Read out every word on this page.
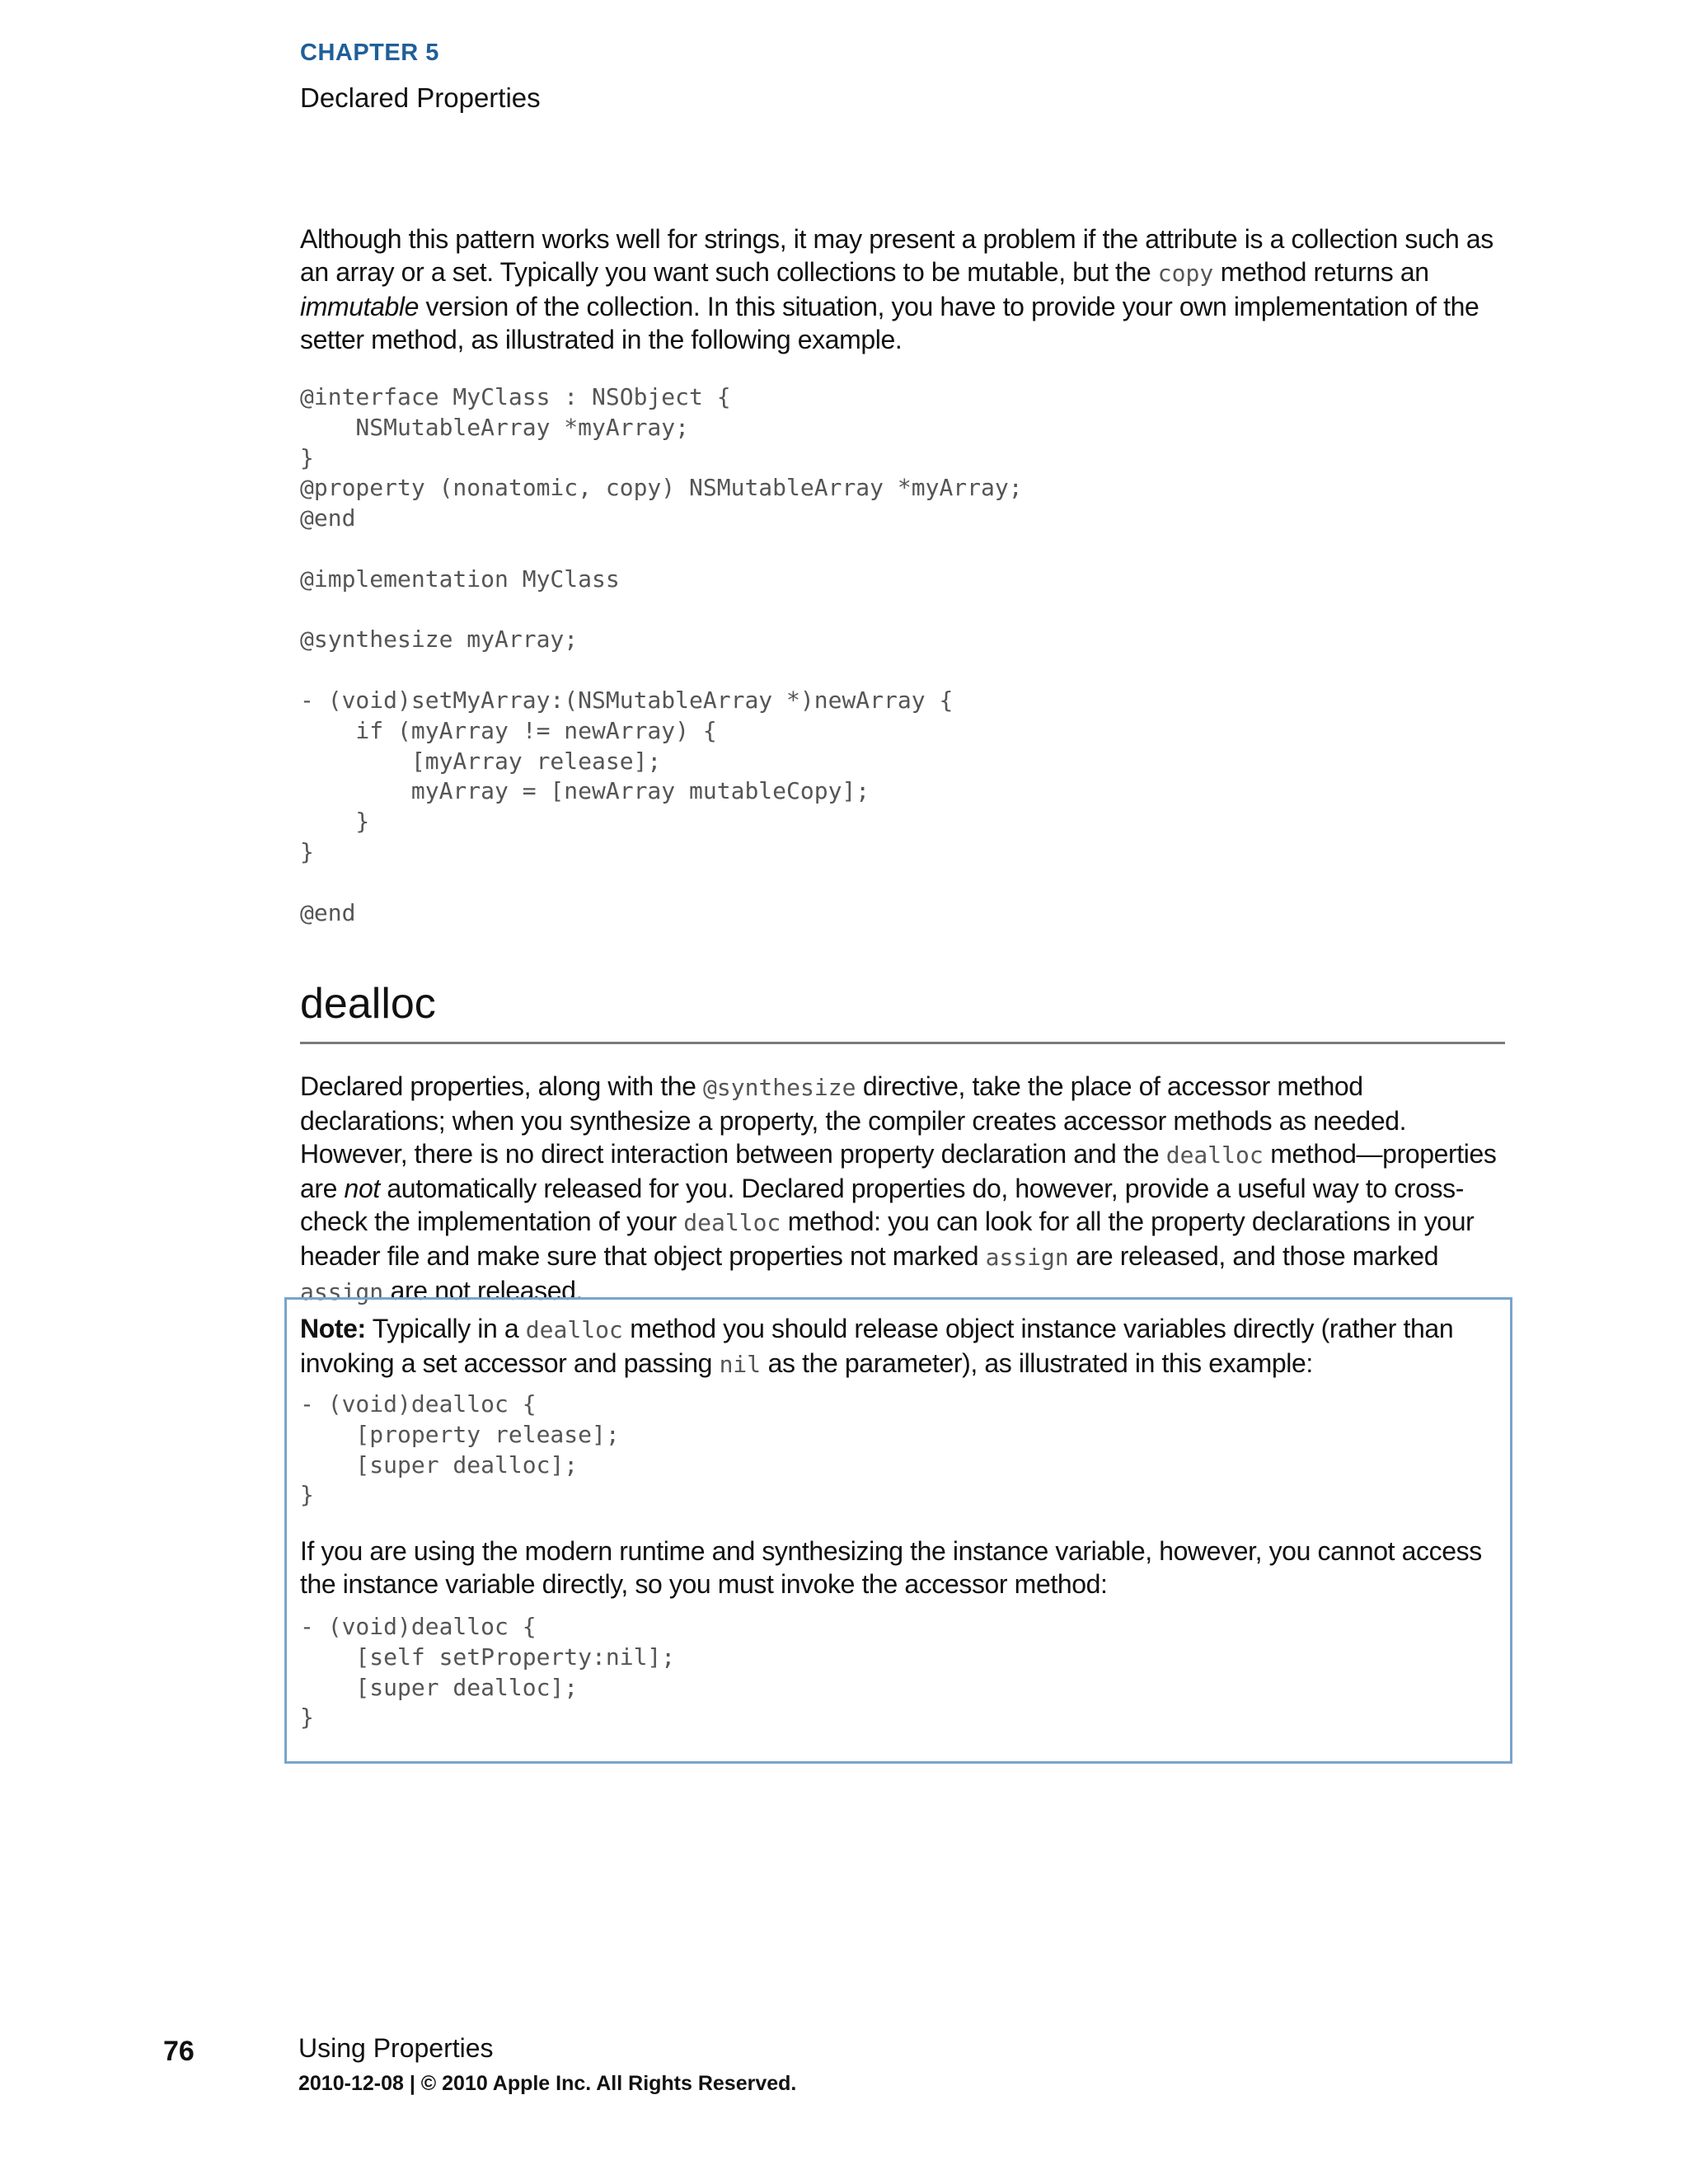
CHAPTER 5
Declared Properties

Although this pattern works well for strings, it may present a problem if the attribute is a collection such as an array or a set. Typically you want such collections to be mutable, but the copy method returns an immutable version of the collection. In this situation, you have to provide your own implementation of the setter method, as illustrated in the following example.

@interface MyClass : NSObject {
NSMutableArray *myArray;
}
@property (nonatomic, copy) NSMutableArray *myArray;
@end

@implementation MyClass

@synthesize myArray;

- (void)setMyArray:(NSMutableArray *)newArray {
if (myArray != newArray) {
[myArray release];
myArray = [newArray mutableCopy];
}
}

@end
dealloc

Declared properties, along with the @synthesize directive, take the place of accessor method declarations; when you synthesize a property, the compiler creates accessor methods as needed. However, there is no direct interaction between property declaration and the dealloc method—properties are not automatically released for you. Declared properties do, however, provide a useful way to cross-check the implementation of your dealloc method: you can look for all the property declarations in your header file and make sure that object properties not marked assign are released, and those marked assign are not released.

Note: Typically in a dealloc method you should release object instance variables directly (rather than invoking a set accessor and passing nil as the parameter), as illustrated in this example:

- (void)dealloc {
[property release];
[super dealloc];
}

If you are using the modern runtime and synthesizing the instance variable, however, you cannot access the instance variable directly, so you must invoke the accessor method:

- (void)dealloc {
[self setProperty:nil];
[super dealloc];
}
76	Using Properties
2010-12-08 | © 2010 Apple Inc. All Rights Reserved.
